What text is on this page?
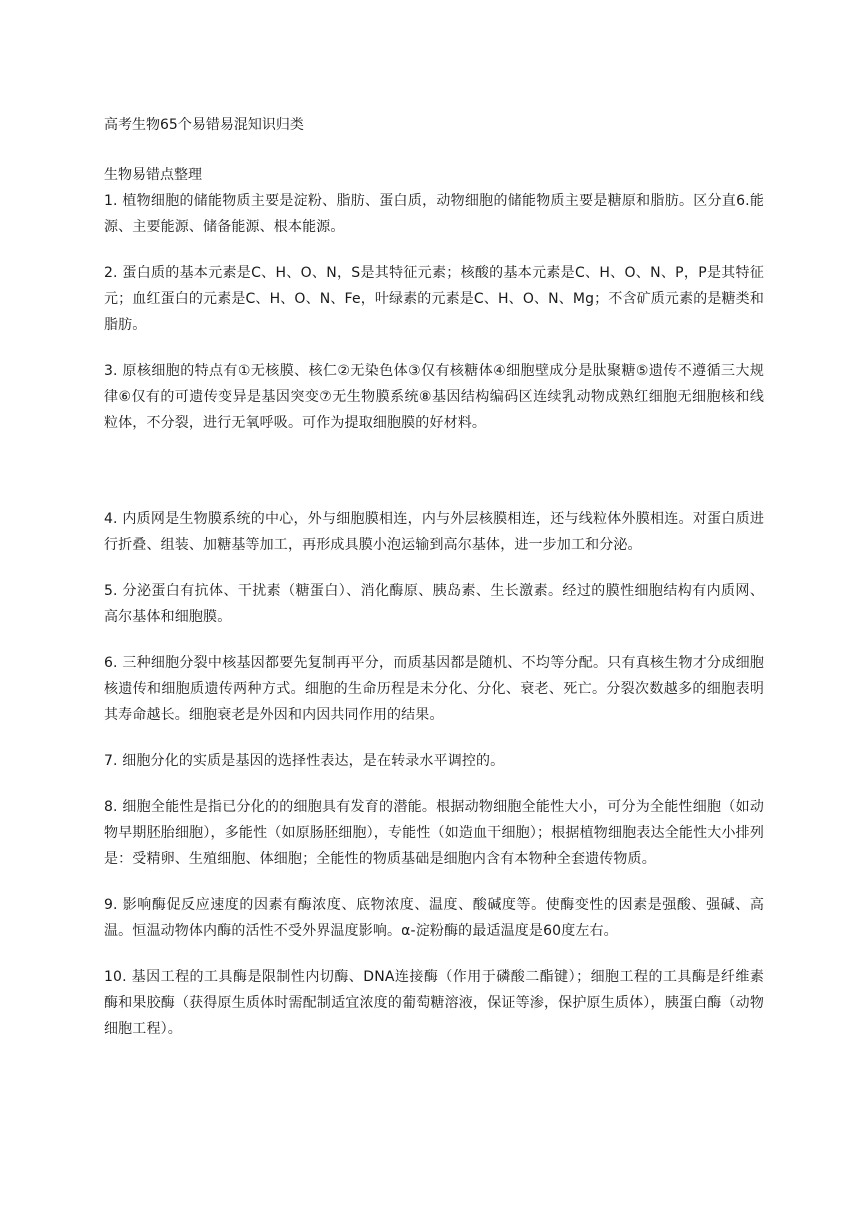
高考生物65个易错易混知识归类

生物易错点整理

1. 植物细胞的储能物质主要是淀粉、脂肪、蛋白质，动物细胞的储能物质主要是糖原和脂肪。区分直6.能源、主要能源、储备能源、根本能源。

2. 蛋白质的基本元素是C、H、O、N，S是其特征元素；核酸的基本元素是C、H、O、N、P，P是其特征元；血红蛋白的元素是C、H、O、N、Fe，叶绿素的元素是C、H、O、N、Mg；不含矿质元素的是糖类和脂肪。

3. 原核细胞的特点有①无核膜、核仁②无染色体③仅有核糖体④细胞壁成分是肽聚糖⑤遗传不遵循三大规律⑥仅有的可遗传变异是基因突变⑦无生物膜系统⑧基因结构编码区连续乳动物成熟红细胞无细胞核和线粒体，不分裂，进行无氧呼吸。可作为提取细胞膜的好材料。

4. 内质网是生物膜系统的中心，外与细胞膜相连，内与外层核膜相连，还与线粒体外膜相连。对蛋白质进行折叠、组装、加糖基等加工，再形成具膜小泡运输到高尔基体，进一步加工和分泌。

5. 分泌蛋白有抗体、干扰素（糖蛋白）、消化酶原、胰岛素、生长激素。经过的膜性细胞结构有内质网、高尔基体和细胞膜。

6. 三种细胞分裂中核基因都要先复制再平分，而质基因都是随机、不均等分配。只有真核生物才分成细胞核遗传和细胞质遗传两种方式。细胞的生命历程是未分化、分化、衰老、死亡。分裂次数越多的细胞表明其寿命越长。细胞衰老是外因和内因共同作用的结果。

7. 细胞分化的实质是基因的选择性表达，是在转录水平调控的。

8. 细胞全能性是指已分化的的细胞具有发育的潜能。根据动物细胞全能性大小，可分为全能性细胞（如动物早期胚胎细胞），多能性（如原肠胚细胞），专能性（如造血干细胞）；根据植物细胞表达全能性大小排列是：受精卵、生殖细胞、体细胞；全能性的物质基础是细胞内含有本物种全套遗传物质。

9. 影响酶促反应速度的因素有酶浓度、底物浓度、温度、酸碱度等。使酶变性的因素是强酸、强碱、高温。恒温动物体内酶的活性不受外界温度影响。α-淀粉酶的最适温度是60度左右。

10. 基因工程的工具酶是限制性内切酶、DNA连接酶（作用于磷酸二酯键）；细胞工程的工具酶是纤维素酶和果胶酶（获得原生质体时需配制适宜浓度的葡萄糖溶液，保证等渗，保护原生质体），胰蛋白酶（动物细胞工程）。
